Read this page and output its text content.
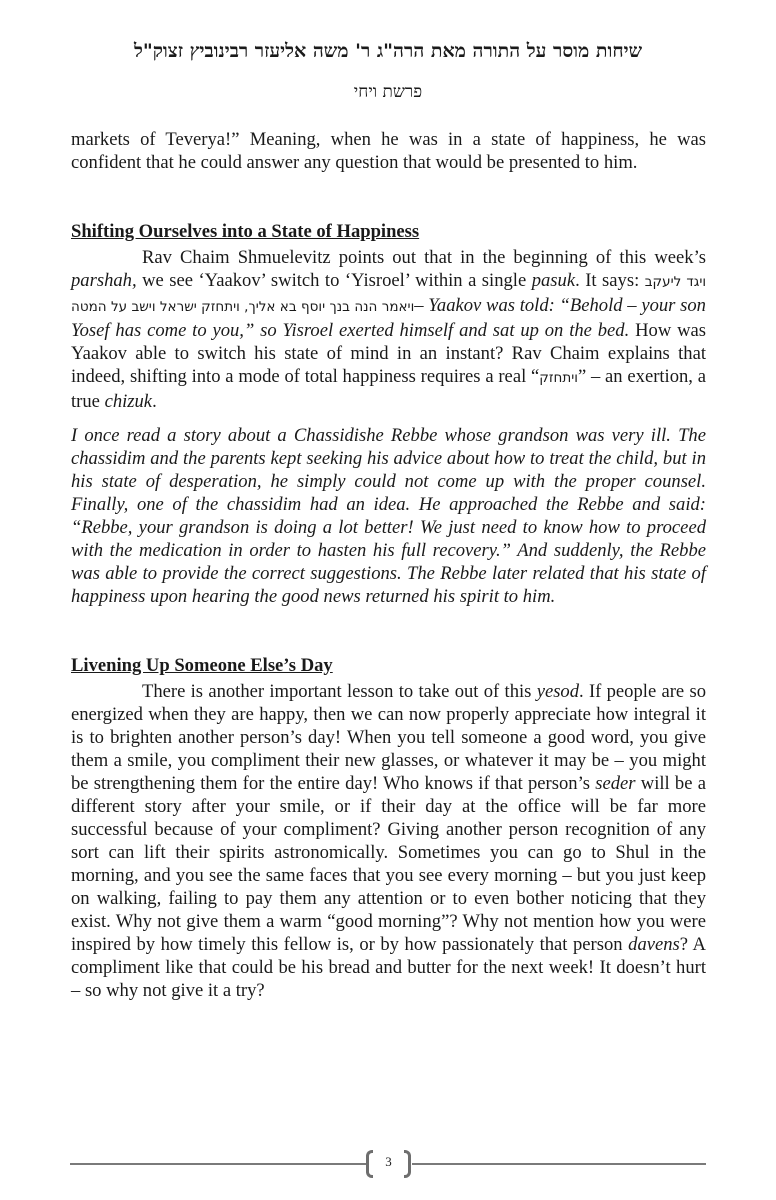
שיחות מוסר על התורה מאת הרה"ג ר' משה אליעזר רבינוביץ זצוק"ל
פרשת ויחי

markets of Teverya!” Meaning, when he was in a state of happiness, he was confident that he could answer any question that would be presented to him.

Shifting Ourselves into a State of Happiness

Rav Chaim Shmuelevitz points out that in the beginning of this week’s parshah, we see ‘Yaakov’ switch to ‘Yisroel’ within a single pasuk. It says: ויגד ליעקב ויאמר הנה בנך יוסף בא אליך, ויתחזק ישראל וישב על המטה– Yaakov was told: “Behold – your son Yosef has come to you,” so Yisroel exerted himself and sat up on the bed. How was Yaakov able to switch his state of mind in an instant? Rav Chaim explains that indeed, shifting into a mode of total happiness requires a real “ויתחזק” – an exertion, a true chizuk.

I once read a story about a Chassidishe Rebbe whose grandson was very ill. The chassidim and the parents kept seeking his advice about how to treat the child, but in his state of desperation, he simply could not come up with the proper counsel. Finally, one of the chassidim had an idea. He approached the Rebbe and said: “Rebbe, your grandson is doing a lot better! We just need to know how to proceed with the medication in order to hasten his full recovery.” And suddenly, the Rebbe was able to provide the correct suggestions. The Rebbe later related that his state of happiness upon hearing the good news returned his spirit to him.

Livening Up Someone Else’s Day

There is another important lesson to take out of this yesod. If people are so energized when they are happy, then we can now properly appreciate how integral it is to brighten another person’s day! When you tell someone a good word, you give them a smile, you compliment their new glasses, or whatever it may be – you might be strengthening them for the entire day! Who knows if that person’s seder will be a different story after your smile, or if their day at the office will be far more successful because of your compliment? Giving another person recognition of any sort can lift their spirits astronomically. Sometimes you can go to Shul in the morning, and you see the same faces that you see every morning – but you just keep on walking, failing to pay them any attention or to even bother noticing that they exist. Why not give them a warm “good morning”? Why not mention how you were inspired by how timely this fellow is, or by how passionately that person davens? A compliment like that could be his bread and butter for the next week! It doesn’t hurt – so why not give it a try?

3
